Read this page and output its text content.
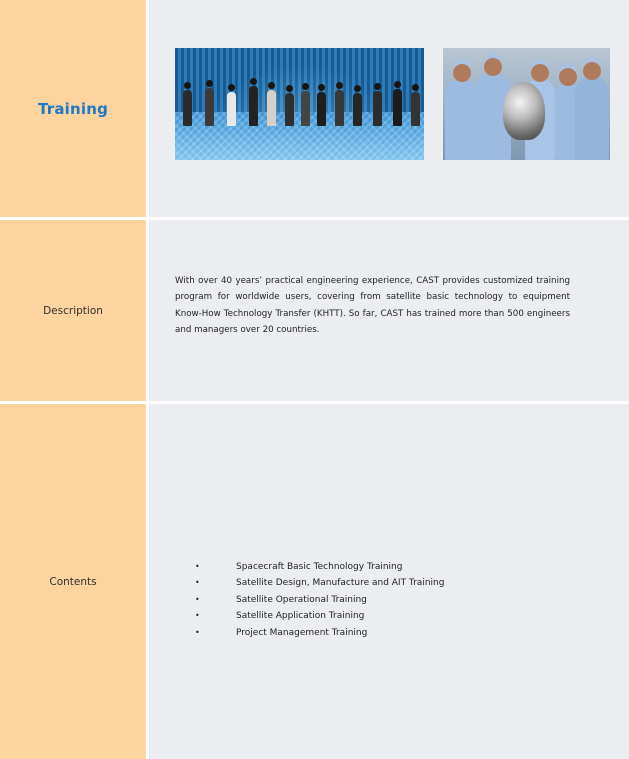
Training
Description

With over 40 years’ practical engineering experience, CAST provides customized training program for worldwide users, covering from satellite basic technology to equipment Know-How Technology Transfer (KHTT). So far, CAST has trained more than 500 engineers and managers over 20 countries.

Contents
•	Spacecraft Basic Technology Training
•	Satellite Design, Manufacture and AIT Training
•	Satellite Operational Training
•	Satellite Application Training
•	Project Management Training
